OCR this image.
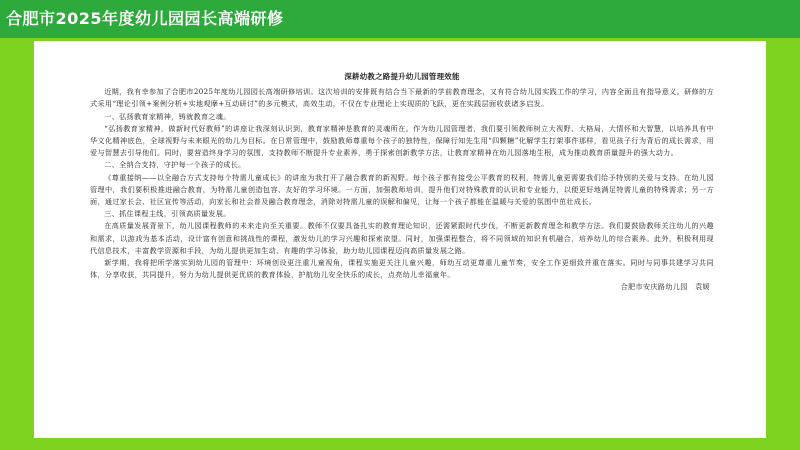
合肥市2025年度幼儿园园长高端研修
深耕幼教之路提升幼儿园管理效能

近期，我有幸参加了合肥市2025年度幼儿园园长高端研修培训。这次培训的安排既有结合当下最新的学前教育理念，又有符合幼儿园实践工作的学习，内容全面且有指导意义。研修的方式采用“理论引领+案例分析+实地观摩+互动研讨”的多元模式，高效生动，不仅在专业理论上实现质的飞跃，更在实践层面收获诸多启发。

一、弘扬教育家精神，铸就教育之魂。

“弘扬教育家精神，做新时代好教师”的讲座让我深刻认识到，教育家精神是教育的灵魂所在。作为幼儿园管理者，我们要引领教师树立大视野、大格局，大情怀和大智慧，以培养具有中华文化精神底色，全球视野与未来眼光的幼儿为目标。在日常管理中，鼓励教师尊重每个孩子的独特性，保障行知先生用“四颗糖”化解学生打架事件那样，看见孩子行为背后的成长需求，用爱与智慧去引导他们。同时，要营造终身学习的氛围，支持教师不断提升专业素养，勇于探索创新教学方法，让教育家精神在幼儿园落地生根，成为推动教育质量提升的强大动力。

二、全纳合支持，守护每一个孩子的成长。

《尊重接纳——以全融合方式支持每个特需儿童成长》的讲座为我打开了融合教育的新视野。每个孩子都有接受公平教育的权利，特需儿童更需要我们给予特别的关爱与支持。在幼儿园管理中，我们要积极推进融合教育，为特需儿童创造包容、友好的学习环境。一方面，加强教师培训，提升他们对特殊教育的认识和专业能力，以便更好地满足特需儿童的特殊需求；另一方面，通过家长会、社区宣传等活动，向家长和社会普及融合教育理念，消除对特需儿童的误解和偏见，让每一个孩子都能在温暖与关爱的氛围中茁壮成长。

三、抓住课程主线，引领高质量发展。

在高质量发展背景下，幼儿园课程教师的未来走向至关重要。教师不仅要具备扎实的教育理论知识，还需紧跟时代步伐，不断更新教育理念和教学方法。我们要鼓励教师关注幼儿的兴趣和需求，以游戏为基本活动，设计富有创意和挑战性的课程，激发幼儿的学习兴趣和探索欲望。同时，加强课程整合，将不同领域的知识有机融合，培养幼儿的综合素养。此外，积极利用现代信息技术，丰富教学资源和手段，为幼儿提供更加生动、有趣的学习体验，助力幼儿园课程迈向高质量发展之路。

新学期，我将把所学落实到幼儿园的管理中：环境创设更注重儿童视角，课程实施更关注儿童兴趣，师幼互动更尊重儿童节奏，安全工作更细致并重在落实。同时与同事共建学习共同体，分享收获，共同提升，努力为幼儿提供更优质的教育体验，护航幼儿安全快乐的成长，点亮幼儿幸福童年。

合肥市安庆路幼儿园　袁媛
